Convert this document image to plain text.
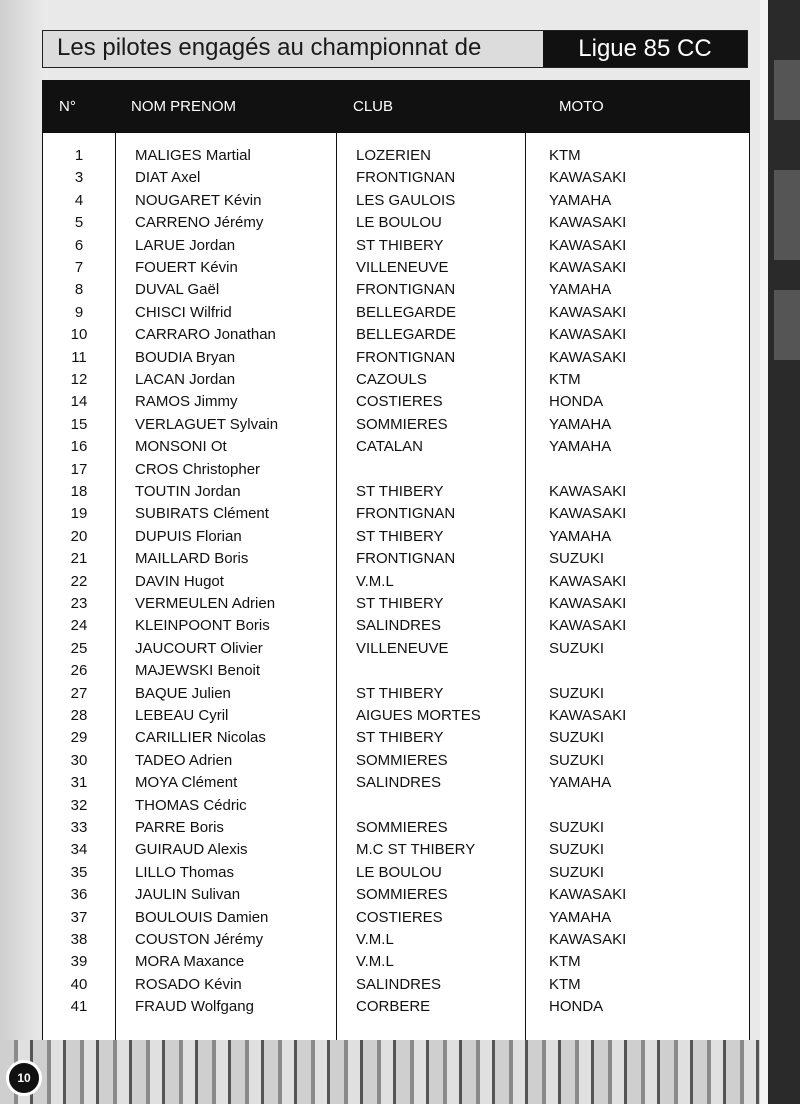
Les pilotes engagés au championnat de	Ligue 85 CC
N°	NOM PRENOM	CLUB	MOTO
1	MALIGES Martial	LOZERIEN	KTM
3	DIAT Axel	FRONTIGNAN	KAWASAKI
4	NOUGARET Kévin	LES GAULOIS	YAMAHA
5	CARRENO Jérémy	LE BOULOU	KAWASAKI
6	LARUE Jordan	ST THIBERY	KAWASAKI
7	FOUERT Kévin	VILLENEUVE	KAWASAKI
8	DUVAL Gaël	FRONTIGNAN	YAMAHA
9	CHISCI Wilfrid	BELLEGARDE	KAWASAKI
10	CARRARO Jonathan	BELLEGARDE	KAWASAKI
11	BOUDIA Bryan	FRONTIGNAN	KAWASAKI
12	LACAN Jordan	CAZOULS	KTM
14	RAMOS Jimmy	COSTIERES	HONDA
15	VERLAGUET Sylvain	SOMMIERES	YAMAHA
16	MONSONI Ot	CATALAN	YAMAHA
17	CROS Christopher
18	TOUTIN Jordan	ST THIBERY	KAWASAKI
19	SUBIRATS Clément	FRONTIGNAN	KAWASAKI
20	DUPUIS Florian	ST THIBERY	YAMAHA
21	MAILLARD Boris	FRONTIGNAN	SUZUKI
22	DAVIN Hugot	V.M.L	KAWASAKI
23	VERMEULEN Adrien	ST THIBERY	KAWASAKI
24	KLEINPOONT Boris	SALINDRES	KAWASAKI
25	JAUCOURT Olivier	VILLENEUVE	SUZUKI
26	MAJEWSKI Benoit
27	BAQUE Julien	ST THIBERY	SUZUKI
28	LEBEAU Cyril	AIGUES MORTES	KAWASAKI
29	CARILLIER Nicolas	ST THIBERY	SUZUKI
30	TADEO Adrien	SOMMIERES	SUZUKI
31	MOYA Clément	SALINDRES	YAMAHA
32	THOMAS Cédric
33	PARRE Boris	SOMMIERES	SUZUKI
34	GUIRAUD Alexis	M.C ST THIBERY	SUZUKI
35	LILLO Thomas	LE BOULOU	SUZUKI
36	JAULIN Sulivan	SOMMIERES	KAWASAKI
37	BOULOUIS Damien	COSTIERES	YAMAHA
38	COUSTON Jérémy	V.M.L	KAWASAKI
39	MORA Maxance	V.M.L	KTM
40	ROSADO Kévin	SALINDRES	KTM
41	FRAUD Wolfgang	CORBERE	HONDA
10
